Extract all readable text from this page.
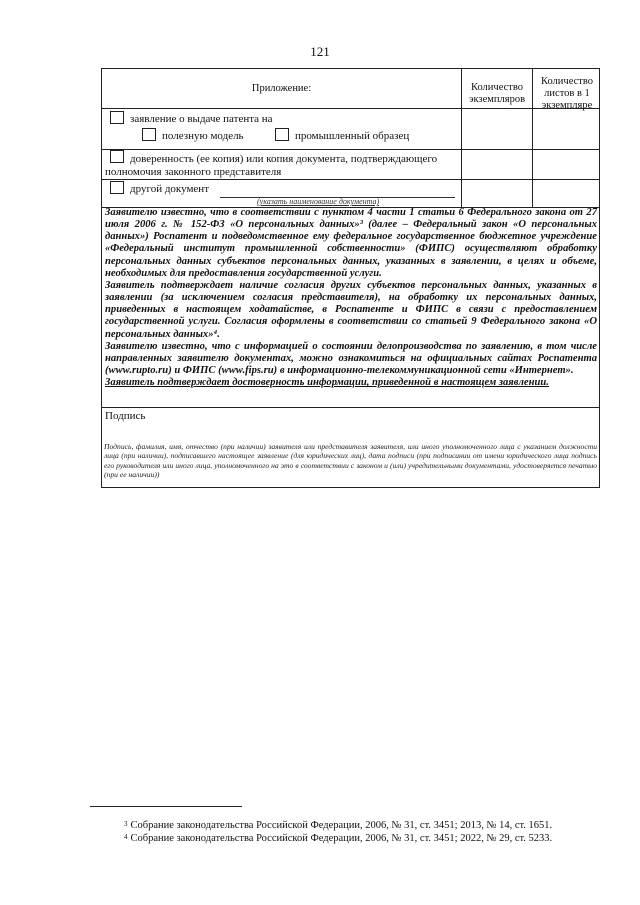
121
Приложение:	Количество экземпляров
Количество листов в 1 экземпляре
заявление о выдаче патента на
полезную модель	промышленный образец
доверенность (ее копия) или копия документа, подтверждающего полномочия законного представителя
другой документ
(указать наименование документа)

Заявителю известно, что в соответствии с пунктом 4 части 1 статьи 6 Федерального закона от 27 июля 2006 г. № 152-ФЗ «О персональных данных»³ (далее – Федеральный закон «О персональных данных») Роспатент и подведомственное ему федеральное государственное бюджетное учреждение «Федеральный институт промышленной собственности» (ФИПС) осуществляют обработку персональных данных субъектов персональных данных, указанных в заявлении, в целях и объеме, необходимых для предоставления государственной услуги.

Заявитель подтверждает наличие согласия других субъектов персональных данных, указанных в заявлении (за исключением согласия представителя), на обработку их персональных данных, приведенных в настоящем ходатайстве, в Роспатенте и ФИПС в связи с предоставлением государственной услуги. Согласия оформлены в соответствии со статьей 9 Федерального закона «О персональных данных»⁴.

Заявителю известно, что с информацией о состоянии делопроизводства по заявлению, в том числе направленных заявителю документах, можно ознакомиться на официальных сайтах Роспатента (www.rupto.ru) и ФИПС (www.fips.ru) в информационно-телекоммуникационной сети «Интернет».

Заявитель подтверждает достоверность информации, приведенной в настоящем заявлении.

Подпись
Подпись, фамилия, имя, отчество (при наличии) заявителя или представителя заявителя, или иного уполномоченного лица с указанием должности лица (при наличии), подписавшего настоящее заявление (для юридических лиц), дата подписи (при подписании от имени юридического лица подпись его руководителя или иного лица, уполномоченного на это в соответствии с законом и (или) учредительными документами, удостоверяется печатью (при ее наличии))
$^3$ Собрание законодательства Российской Федерации, 2006, № 31, ст. 3451; 2013, № 14, ст. 1651.
$^4$ Собрание законодательства Российской Федерации, 2006, № 31, ст. 3451; 2022, № 29, ст. 5233.
